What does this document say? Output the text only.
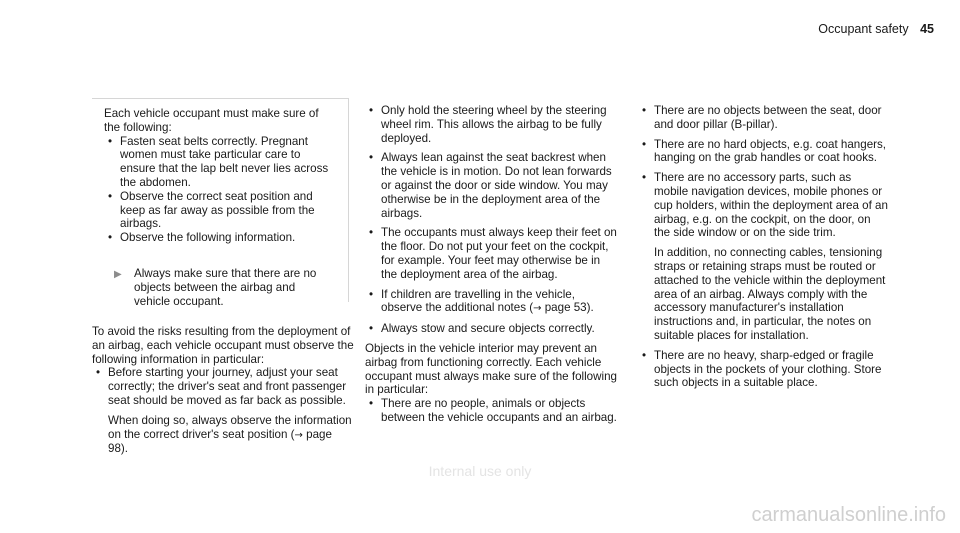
Occupant safety 45

Each vehicle occupant must make sure of the following:

• Fasten seat belts correctly. Pregnant women must take particular care to ensure that the lap belt never lies across the abdomen.
• Observe the correct seat position and keep as far away as possible from the airbags.
• Observe the following information.
▶ Always make sure that there are no objects between the airbag and vehicle occupant.

To avoid the risks resulting from the deployment of an airbag, each vehicle occupant must observe the following information in particular:

• Before starting your journey, adjust your seat correctly; the driver's seat and front passenger seat should be moved as far back as possible.
When doing so, always observe the information on the correct driver's seat position (→ page 98).
• Only hold the steering wheel by the steering wheel rim. This allows the airbag to be fully deployed.
• Always lean against the seat backrest when the vehicle is in motion. Do not lean forwards or against the door or side window. You may otherwise be in the deployment area of the airbags.
• The occupants must always keep their feet on the floor. Do not put your feet on the cockpit, for example. Your feet may otherwise be in the deployment area of the airbag.
• If children are travelling in the vehicle, observe the additional notes (→ page 53).
• Always stow and secure objects correctly.

Objects in the vehicle interior may prevent an airbag from functioning correctly. Each vehicle occupant must always make sure of the following in particular:

• There are no people, animals or objects between the vehicle occupants and an airbag.
• There are no objects between the seat, door and door pillar (B-pillar).
• There are no hard objects, e.g. coat hangers, hanging on the grab handles or coat hooks.
• There are no accessory parts, such as mobile navigation devices, mobile phones or cup holders, within the deployment area of an airbag, e.g. on the cockpit, on the door, on the side window or on the side trim.
In addition, no connecting cables, tensioning straps or retaining straps must be routed or attached to the vehicle within the deployment area of an airbag. Always comply with the accessory manufacturer's installation instructions and, in particular, the notes on suitable places for installation.
• There are no heavy, sharp-edged or fragile objects in the pockets of your clothing. Store such objects in a suitable place.
Internal use only
carmanualsonline.info
